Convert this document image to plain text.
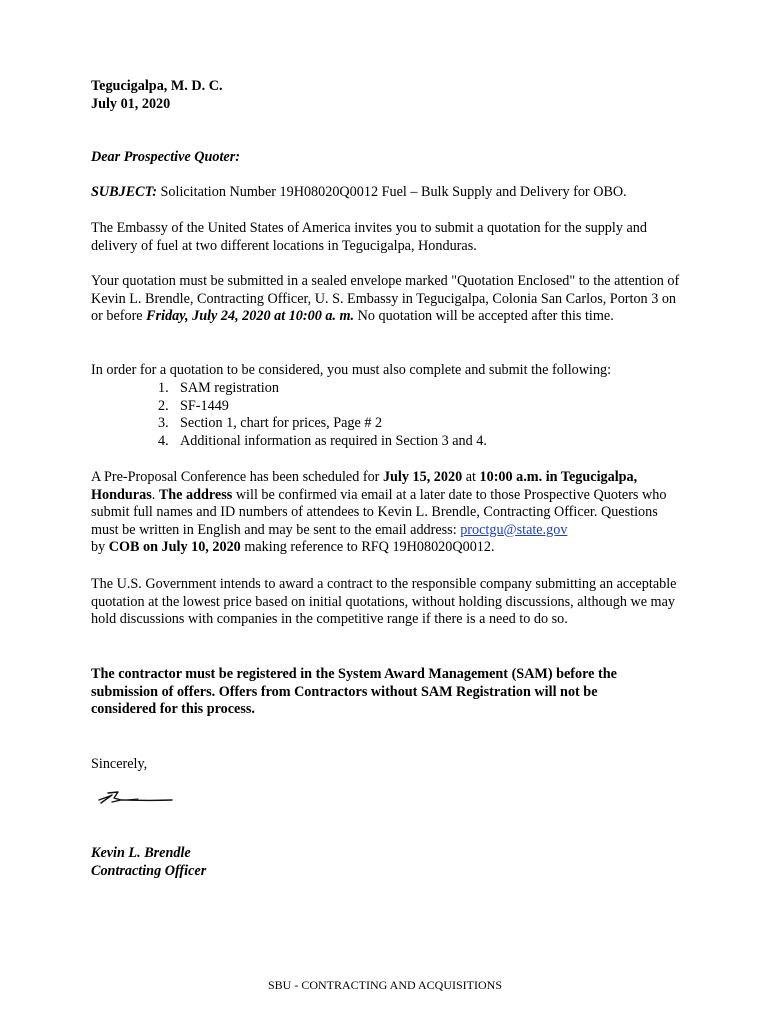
Tegucigalpa, M. D. C.
July 01, 2020

Dear Prospective Quoter:

SUBJECT: Solicitation Number 19H08020Q0012 Fuel – Bulk Supply and Delivery for OBO.

The Embassy of the United States of America invites you to submit a quotation for the supply and delivery of fuel at two different locations in Tegucigalpa, Honduras.

Your quotation must be submitted in a sealed envelope marked "Quotation Enclosed" to the attention of Kevin L. Brendle, Contracting Officer, U. S. Embassy in Tegucigalpa, Colonia San Carlos, Porton 3 on or before Friday, July 24, 2020 at 10:00 a. m. No quotation will be accepted after this time.

In order for a quotation to be considered, you must also complete and submit the following:

1. SAM registration
2. SF-1449
3. Section 1, chart for prices, Page # 2
4. Additional information as required in Section 3 and 4.

A Pre-Proposal Conference has been scheduled for July 15, 2020 at 10:00 a.m. in Tegucigalpa, Honduras. The address will be confirmed via email at a later date to those Prospective Quoters who submit full names and ID numbers of attendees to Kevin L. Brendle, Contracting Officer. Questions must be written in English and may be sent to the email address: proctgu@state.gov
by COB on July 10, 2020 making reference to RFQ 19H08020Q0012.

The U.S. Government intends to award a contract to the responsible company submitting an acceptable quotation at the lowest price based on initial quotations, without holding discussions, although we may hold discussions with companies in the competitive range if there is a need to do so.

The contractor must be registered in the System Award Management (SAM) before the submission of offers. Offers from Contractors without SAM Registration will not be considered for this process.

Sincerely,

Kevin L. Brendle
Contracting Officer

SBU - CONTRACTING AND ACQUISITIONS
